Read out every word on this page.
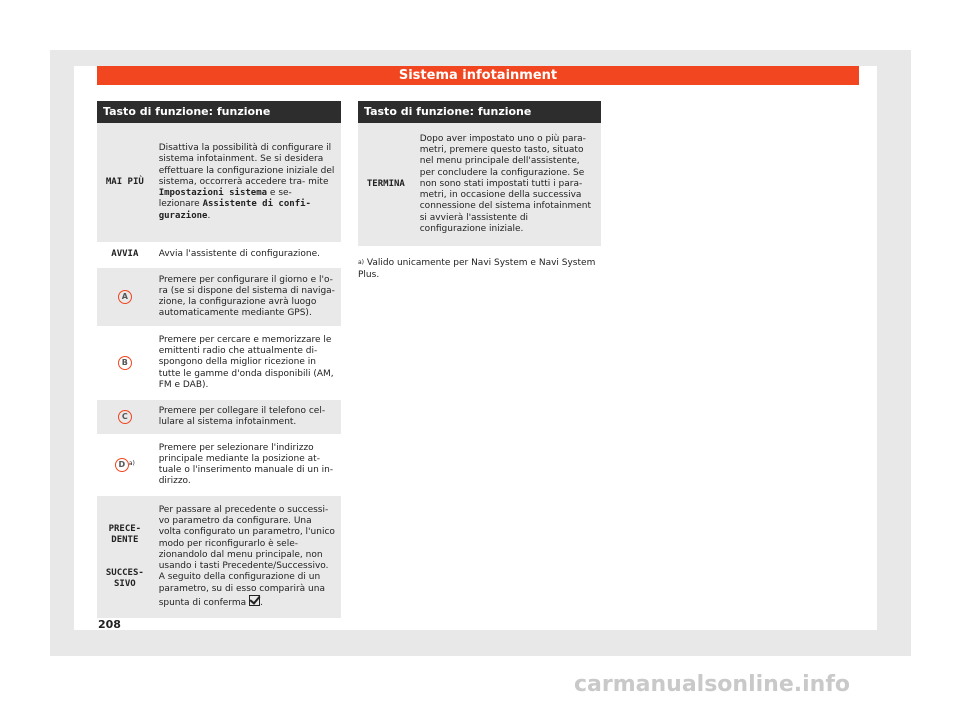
Sistema infotainment
Tasto di funzione: funzione	
MAI PIÙ	Disattiva la possibilità di configurare il sistema infotainment. Se si desidera effettuare la configurazione iniziale del sistema, occorrerà accedere tra- mite Impostazioni sistema e se- lezionare Assistente di confi- gurazione.
AVVIA	Avvia l'assistente di configurazione.
A	Premere per configurare il giorno e l'o- ra (se si dispone del sistema di naviga- zione, la configurazione avrà luogo automaticamente mediante GPS).
B	Premere per cercare e memorizzare le emittenti radio che attualmente di- spongono della miglior ricezione in tutte le gamme d'onda disponibili (AM, FM e DAB).
C	Premere per collegare il telefono cel- lulare al sistema infotainment.
D $^{a)}$	Premere per selezionare l'indirizzo principale mediante la posizione at- tuale o l'inserimento manuale di un in- dirizzo.

PRECE- DENTE
SUCCES- SIVO	Per passare al precedente o successi- vo parametro da configurare. Una volta configurato un parametro, l'unico modo per riconfigurarlo è sele- zionandolo dal menu principale, non usando i tasti Precedente/Successivo. A seguito della configurazione di un parametro, su di esso comparirà una spunta di conferma .
Tasto di funzione: funzione
TERMINA	Dopo aver impostato uno o più para- metri, premere questo tasto, situato nel menu principale dell'assistente, per concludere la configurazione. Se non sono stati impostati tutti i para- metri, in occasione della successiva connessione del sistema infotainment si avvierà l'assistente di configurazione iniziale.
$^{a)}$ Valido unicamente per Navi System e Navi System Plus.
208
carmanualsonline.info
